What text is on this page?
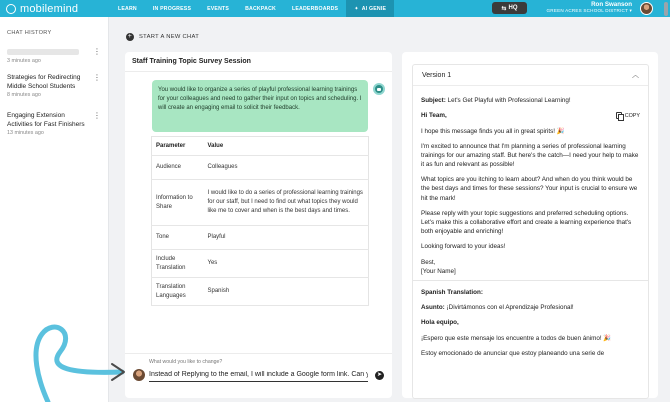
mobilemind	LEARN	IN PROGRESS	EVENTS	BACKPACK	LEADERBOARDS	✦ AI GENIE	⇆ HQ	Ron Swanson
GREEN ACRES SCHOOL DISTRICT ▾
CHAT HISTORY
3 minutes ago
⋮
Strategies for Redirecting Middle School Students
8 minutes ago
⋮
Engaging Extension Activities for Fast Finishers
13 minutes ago
⋮
+	START A NEW CHAT
Staff Training Topic Survey Session
You would like to organize a series of playful professional learning trainings for your colleagues and need to gather their input on topics and scheduling. I will create an engaging email to solicit their feedback.
Parameter	Value
Audience	Colleagues
Information to Share	I would like to do a series of professional learning trainings for our staff, but I need to find out what topics they would like me to cover and when is the best days and times.
Tone	Playful
Include Translation	Yes
Translation Languages	Spanish
What would you like to change?
Instead of Replying to the email, I will include a Google form link. Can you
➤
Version 1	︿
COPY

Subject: Let's Get Playful with Professional Learning!

Hi Team,

I hope this message finds you all in great spirits! 🎉

I'm excited to announce that I'm planning a series of professional learning trainings for our amazing staff. But here's the catch—I need your help to make it as fun and relevant as possible!

What topics are you itching to learn about? And when do you think would be the best days and times for these sessions? Your input is crucial to ensure we hit the mark!

Please reply with your topic suggestions and preferred scheduling options. Let's make this a collaborative effort and create a learning experience that's both enjoyable and enriching!

Looking forward to your ideas!

Best,
[Your Name]

Spanish Translation:

Asunto: ¡Divirtámonos con el Aprendizaje Profesional!

Hola equipo,

¡Espero que este mensaje los encuentre a todos de buen ánimo! 🎉

Estoy emocionado de anunciar que estoy planeando una serie de
